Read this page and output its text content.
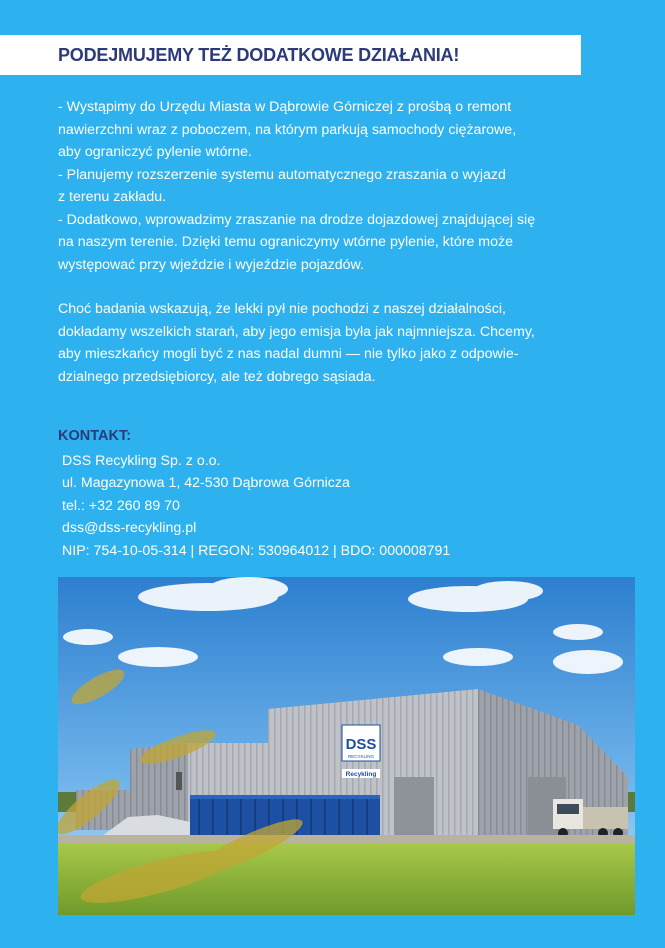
PODEJMUJEMY TEŻ DODATKOWE DZIAŁANIA!

- Wystąpimy do Urzędu Miasta w Dąbrowie Górniczej z prośbą o remont

nawierzchni wraz z poboczem, na którym parkują samochody ciężarowe,

aby ograniczyć pylenie wtórne.

- Planujemy rozszerzenie systemu automatycznego zraszania o wyjazd

z terenu zakładu.

- Dodatkowo, wprowadzimy zraszanie na drodze dojazdowej znajdującej się

na naszym terenie. Dzięki temu ograniczymy wtórne pylenie, które może

występować przy wjeździe i wyjeździe pojazdów.

Choć badania wskazują, że lekki pył nie pochodzi z naszej działalności,

dokładamy wszelkich starań, aby jego emisja była jak najmniejsza. Chcemy,

aby mieszkańcy mogli być z nas nadal dumni — nie tylko jako z odpowie-

dzialnego przedsiębiorcy, ale też dobrego sąsiada.

KONTAKT:
DSS Recykling Sp. z o.o.
ul. Magazynowa 1, 42-530 Dąbrowa Górnicza
tel.: +32 260 89 70
dss@dss-recykling.pl
NIP: 754-10-05-314 | REGON: 530964012 | BDO: 000008791
DSS
RECYKLING
Recykling
